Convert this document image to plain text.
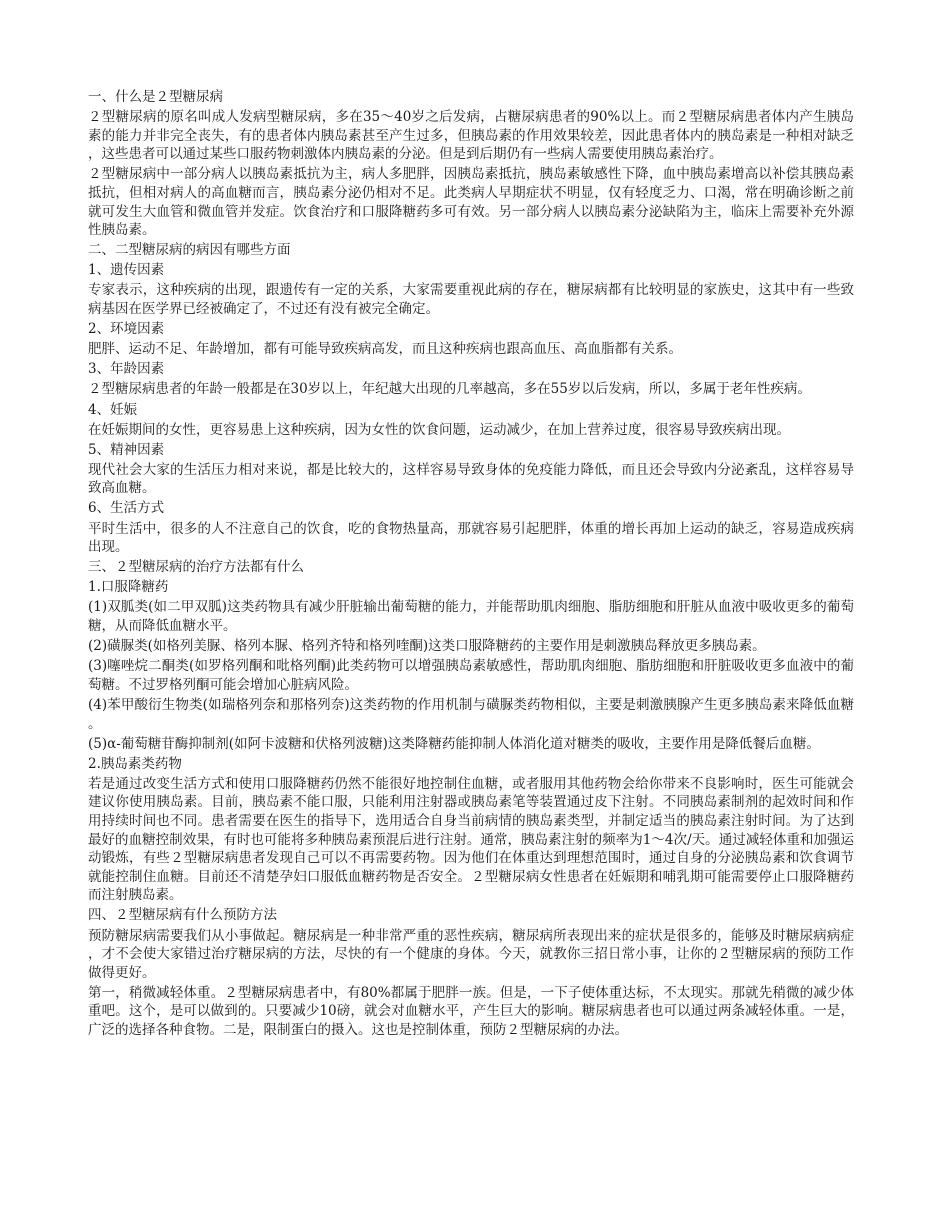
一、什么是２型糖尿病

２型糖尿病的原名叫成人发病型糖尿病，多在35～40岁之后发病，占糖尿病患者的90%以上。而２型糖尿病患者体内产生胰岛素的能力并非完全丧失，有的患者体内胰岛素甚至产生过多，但胰岛素的作用效果较差，因此患者体内的胰岛素是一种相对缺乏，这些患者可以通过某些口服药物刺激体内胰岛素的分泌。但是到后期仍有一些病人需要使用胰岛素治疗。

２型糖尿病中一部分病人以胰岛素抵抗为主，病人多肥胖，因胰岛素抵抗，胰岛素敏感性下降，血中胰岛素增高以补偿其胰岛素抵抗，但相对病人的高血糖而言，胰岛素分泌仍相对不足。此类病人早期症状不明显，仅有轻度乏力、口渴，常在明确诊断之前就可发生大血管和微血管并发症。饮食治疗和口服降糖药多可有效。另一部分病人以胰岛素分泌缺陷为主，临床上需要补充外源性胰岛素。

二、二型糖尿病的病因有哪些方面

1、遗传因素

专家表示，这种疾病的出现，跟遗传有一定的关系，大家需要重视此病的存在，糖尿病都有比较明显的家族史，这其中有一些致病基因在医学界已经被确定了，不过还有没有被完全确定。

2、环境因素

肥胖、运动不足、年龄增加，都有可能导致疾病高发，而且这种疾病也跟高血压、高血脂都有关系。

3、年龄因素

２型糖尿病患者的年龄一般都是在30岁以上，年纪越大出现的几率越高，多在55岁以后发病，所以，多属于老年性疾病。

4、妊娠

在妊娠期间的女性，更容易患上这种疾病，因为女性的饮食问题，运动减少，在加上营养过度，很容易导致疾病出现。

5、精神因素

现代社会大家的生活压力相对来说，都是比较大的，这样容易导致身体的免疫能力降低，而且还会导致内分泌紊乱，这样容易导致高血糖。

6、生活方式

平时生活中，很多的人不注意自己的饮食，吃的食物热量高，那就容易引起肥胖，体重的增长再加上运动的缺乏，容易造成疾病出现。

三、２型糖尿病的治疗方法都有什么

1.口服降糖药

(1)双胍类(如二甲双胍)这类药物具有减少肝脏输出葡萄糖的能力，并能帮助肌肉细胞、脂肪细胞和肝脏从血液中吸收更多的葡萄糖，从而降低血糖水平。

(2)磺脲类(如格列美脲、格列本脲、格列齐特和格列喹酮)这类口服降糖药的主要作用是刺激胰岛释放更多胰岛素。

(3)噻唑烷二酮类(如罗格列酮和吡格列酮)此类药物可以增强胰岛素敏感性，帮助肌肉细胞、脂肪细胞和肝脏吸收更多血液中的葡萄糖。不过罗格列酮可能会增加心脏病风险。

(4)苯甲酸衍生物类(如瑞格列奈和那格列奈)这类药物的作用机制与磺脲类药物相似，主要是刺激胰腺产生更多胰岛素来降低血糖。

(5)α-葡萄糖苷酶抑制剂(如阿卡波糖和伏格列波糖)这类降糖药能抑制人体消化道对糖类的吸收，主要作用是降低餐后血糖。

2.胰岛素类药物

若是通过改变生活方式和使用口服降糖药仍然不能很好地控制住血糖，或者服用其他药物会给你带来不良影响时，医生可能就会建议你使用胰岛素。目前，胰岛素不能口服，只能利用注射器或胰岛素笔等装置通过皮下注射。不同胰岛素制剂的起效时间和作用持续时间也不同。患者需要在医生的指导下，选用适合自身当前病情的胰岛素类型，并制定适当的胰岛素注射时间。为了达到最好的血糖控制效果，有时也可能将多种胰岛素预混后进行注射。通常，胰岛素注射的频率为1～4次/天。通过减轻体重和加强运动锻炼，有些２型糖尿病患者发现自己可以不再需要药物。因为他们在体重达到理想范围时，通过自身的分泌胰岛素和饮食调节就能控制住血糖。目前还不清楚孕妇口服低血糖药物是否安全。２型糖尿病女性患者在妊娠期和哺乳期可能需要停止口服降糖药而注射胰岛素。

四、２型糖尿病有什么预防方法

预防糖尿病需要我们从小事做起。糖尿病是一种非常严重的恶性疾病，糖尿病所表现出来的症状是很多的，能够及时糖尿病病症，才不会使大家错过治疗糖尿病的方法，尽快的有一个健康的身体。今天，就教你三招日常小事，让你的２型糖尿病的预防工作做得更好。

第一，稍微减轻体重。２型糖尿病患者中，有80%都属于肥胖一族。但是，一下子使体重达标，不太现实。那就先稍微的减少体重吧。这个，是可以做到的。只要减少10磅，就会对血糖水平，产生巨大的影响。糖尿病患者也可以通过两条减轻体重。一是，广泛的选择各种食物。二是，限制蛋白的摄入。这也是控制体重，预防２型糖尿病的办法。
